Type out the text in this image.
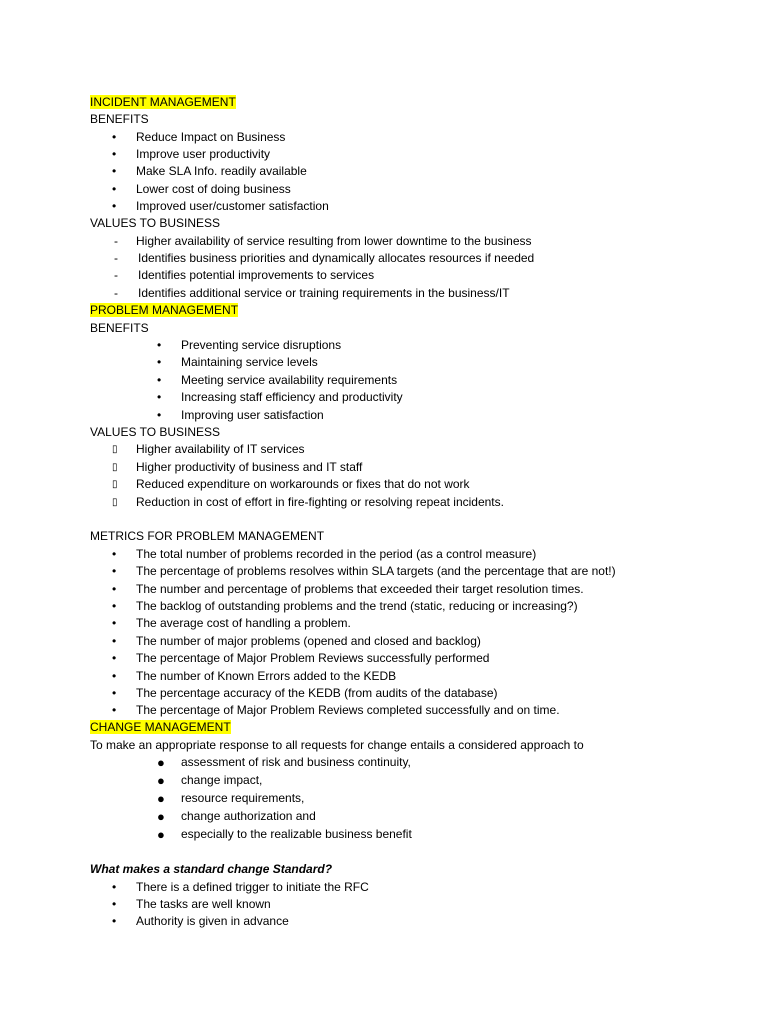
INCIDENT MANAGEMENT
BENEFITS
• Reduce Impact on Business
• Improve user productivity
• Make SLA Info. readily available
• Lower cost of doing business
• Improved user/customer satisfaction
VALUES TO BUSINESS
- Higher availability of service resulting from lower downtime to the business
- Identifies business priorities and dynamically allocates resources if needed
- Identifies potential improvements to services
- Identifies additional service or training requirements in the business/IT
PROBLEM MANAGEMENT
BENEFITS
• Preventing service disruptions
• Maintaining service levels
• Meeting service availability requirements
• Increasing staff efficiency and productivity
• Improving user satisfaction
VALUES TO BUSINESS
▯ Higher availability of IT services
▯ Higher productivity of business and IT staff
▯ Reduced expenditure on workarounds or fixes that do not work
▯ Reduction in cost of effort in fire-fighting or resolving repeat incidents.
METRICS FOR PROBLEM MANAGEMENT
• The total number of problems recorded in the period (as a control measure)
• The percentage of problems resolves within SLA targets (and the percentage that are not!)
• The number and percentage of problems that exceeded their target resolution times.
• The backlog of outstanding problems and the trend (static, reducing or increasing?)
• The average cost of handling a problem.
• The number of major problems (opened and closed and backlog)
• The percentage of Major Problem Reviews successfully performed
• The number of Known Errors added to the KEDB
• The percentage accuracy of the KEDB (from audits of the database)
• The percentage of Major Problem Reviews completed successfully and on time.
CHANGE MANAGEMENT
To make an appropriate response to all requests for change entails a considered approach to
● assessment of risk and business continuity,
● change impact,
● resource requirements,
● change authorization and
● especially to the realizable business benefit
What makes a standard change Standard?
• There is a defined trigger to initiate the RFC
• The tasks are well known
• Authority is given in advance
